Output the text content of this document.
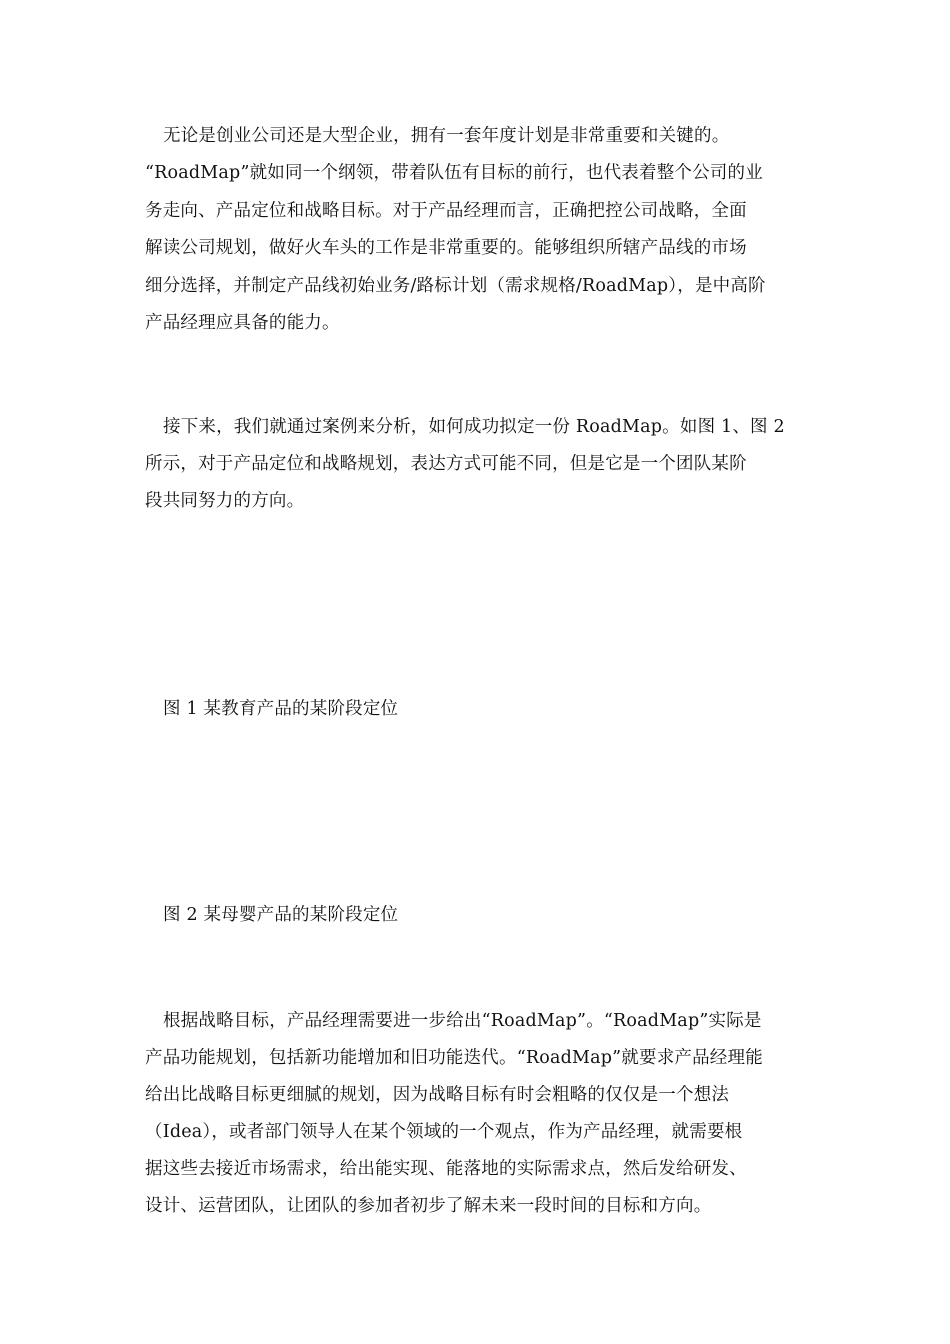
无论是创业公司还是大型企业，拥有一套年度计划是非常重要和关键的。
“RoadMap”就如同一个纲领，带着队伍有目标的前行，也代表着整个公司的业
务走向、产品定位和战略目标。对于产品经理而言，正确把控公司战略，全面
解读公司规划，做好火车头的工作是非常重要的。能够组织所辖产品线的市场
细分选择，并制定产品线初始业务/路标计划（需求规格/RoadMap），是中高阶
产品经理应具备的能力。
接下来，我们就通过案例来分析，如何成功拟定一份 RoadMap。如图 1、图 2
所示，对于产品定位和战略规划，表达方式可能不同，但是它是一个团队某阶
段共同努力的方向。
图 1 某教育产品的某阶段定位
图 2 某母婴产品的某阶段定位
根据战略目标，产品经理需要进一步给出“RoadMap”。“RoadMap”实际是
产品功能规划，包括新功能增加和旧功能迭代。“RoadMap”就要求产品经理能
给出比战略目标更细腻的规划，因为战略目标有时会粗略的仅仅是一个想法
（Idea），或者部门领导人在某个领域的一个观点，作为产品经理，就需要根
据这些去接近市场需求，给出能实现、能落地的实际需求点，然后发给研发、
设计、运营团队，让团队的参加者初步了解未来一段时间的目标和方向。
